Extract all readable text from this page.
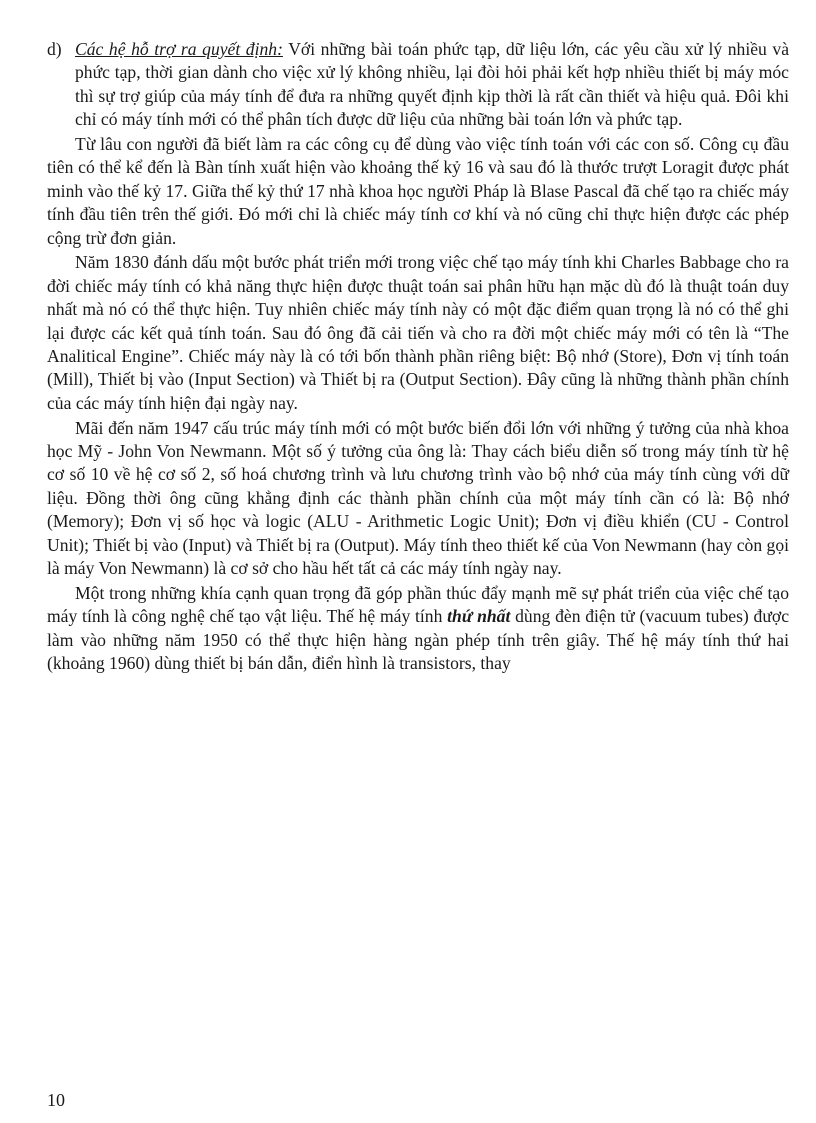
d) Các hệ hỗ trợ ra quyết định: Với những bài toán phức tạp, dữ liệu lớn, các yêu cầu xử lý nhiều và phức tạp, thời gian dành cho việc xử lý không nhiều, lại đòi hỏi phải kết hợp nhiều thiết bị máy móc thì sự trợ giúp của máy tính để đưa ra những quyết định kịp thời là rất cần thiết và hiệu quả. Đôi khi chỉ có máy tính mới có thể phân tích được dữ liệu của những bài toán lớn và phức tạp.

Từ lâu con người đã biết làm ra các công cụ để dùng vào việc tính toán với các con số. Công cụ đầu tiên có thể kể đến là Bàn tính xuất hiện vào khoảng thế kỷ 16 và sau đó là thước trượt Loragit được phát minh vào thế kỷ 17. Giữa thế kỷ thứ 17 nhà khoa học người Pháp là Blase Pascal đã chế tạo ra chiếc máy tính đầu tiên trên thế giới. Đó mới chỉ là chiếc máy tính cơ khí và nó cũng chỉ thực hiện được các phép cộng trừ đơn giản.

Năm 1830 đánh dấu một bước phát triển mới trong việc chế tạo máy tính khi Charles Babbage cho ra đời chiếc máy tính có khả năng thực hiện được thuật toán sai phân hữu hạn mặc dù đó là thuật toán duy nhất mà nó có thể thực hiện. Tuy nhiên chiếc máy tính này có một đặc điểm quan trọng là nó có thể ghi lại được các kết quả tính toán. Sau đó ông đã cải tiến và cho ra đời một chiếc máy mới có tên là “The Analitical Engine”. Chiếc máy này là có tới bốn thành phần riêng biệt: Bộ nhớ (Store), Đơn vị tính toán (Mill), Thiết bị vào (Input Section) và Thiết bị ra (Output Section). Đây cũng là những thành phần chính của các máy tính hiện đại ngày nay.

Mãi đến năm 1947 cấu trúc máy tính mới có một bước biến đổi lớn với những ý tưởng của nhà khoa học Mỹ - John Von Newmann. Một số ý tưởng của ông là: Thay cách biểu diễn số trong máy tính từ hệ cơ số 10 về hệ cơ số 2, số hoá chương trình và lưu chương trình vào bộ nhớ của máy tính cùng với dữ liệu. Đồng thời ông cũng khẳng định các thành phần chính của một máy tính cần có là: Bộ nhớ (Memory); Đơn vị số học và logic (ALU - Arithmetic Logic Unit); Đơn vị điều khiển (CU - Control Unit); Thiết bị vào (Input) và Thiết bị ra (Output). Máy tính theo thiết kế của Von Newmann (hay còn gọi là máy Von Newmann) là cơ sở cho hầu hết tất cả các máy tính ngày nay.

Một trong những khía cạnh quan trọng đã góp phần thúc đẩy mạnh mẽ sự phát triển của việc chế tạo máy tính là công nghệ chế tạo vật liệu. Thế hệ máy tính thứ nhất dùng đèn điện tử (vacuum tubes) được làm vào những năm 1950 có thể thực hiện hàng ngàn phép tính trên giây. Thế hệ máy tính thứ hai (khoảng 1960) dùng thiết bị bán dẫn, điển hình là transistors, thay

10
